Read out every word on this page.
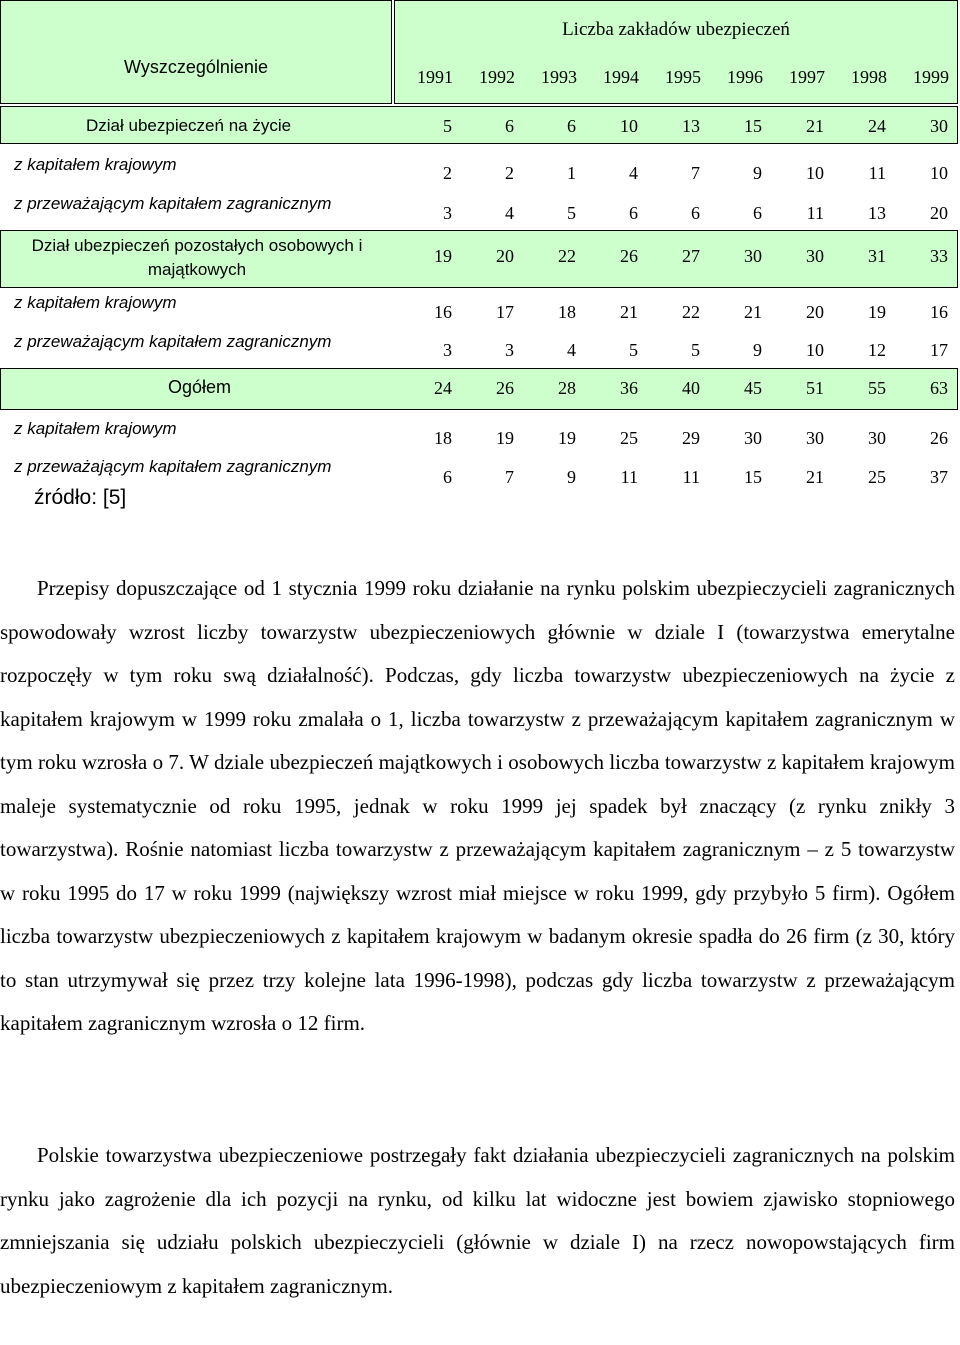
Wyszczególnienie
Liczba zakładów ubezpieczeń
1991	1992	1993	1994	1995	1996	1997	1998	1999
Dział ubezpieczeń na życie	5	6	6	10	13	15	21	24	30
z kapitałem krajowym	2	2	1	4	7	9	10	11	10
z przeważającym kapitałem zagranicznym	3	4	5	6	6	6	11	13	20
Dział ubezpieczeń pozostałych osobowych i
majątkowych
19	20	22	26	27	30	30	31	33
z kapitałem krajowym	16	17	18	21	22	21	20	19	16
z przeważającym kapitałem zagranicznym	3	3	4	5	5	9	10	12	17
Ogółem	24	26	28	36	40	45	51	55	63
z kapitałem krajowym	18	19	19	25	29	30	30	30	26
z przeważającym kapitałem zagranicznym
6	7	9	11	11	15	21	25	37
źródło: [5]
Przepisy dopuszczające od 1 stycznia 1999 roku działanie na rynku polskim ubezpieczycieli zagranicznych spowodowały wzrost liczby towarzystw ubezpieczeniowych głównie w dziale I (towarzystwa emerytalne rozpoczęły w tym roku swą działalność). Podczas, gdy liczba towarzystw ubezpieczeniowych na życie z kapitałem krajowym w 1999 roku zmalała o 1, liczba towarzystw z przeważającym kapitałem zagranicznym w tym roku wzrosła o 7. W dziale ubezpieczeń majątkowych i osobowych liczba towarzystw z kapitałem krajowym maleje systematycznie od roku 1995, jednak w roku 1999 jej spadek był znaczący (z rynku znikły 3 towarzystwa). Rośnie natomiast liczba towarzystw z przeważającym kapitałem zagranicznym – z 5 towarzystw w roku 1995 do 17 w roku 1999 (największy wzrost miał miejsce w roku 1999, gdy przybyło 5 firm). Ogółem liczba towarzystw ubezpieczeniowych z kapitałem krajowym w badanym okresie spadła do 26 firm (z 30, który to stan utrzymywał się przez trzy kolejne lata 1996-1998), podczas gdy liczba towarzystw z przeważającym kapitałem zagranicznym wzrosła o 12 firm.
Polskie towarzystwa ubezpieczeniowe postrzegały fakt działania ubezpieczycieli zagranicznych na polskim rynku jako zagrożenie dla ich pozycji na rynku, od kilku lat widoczne jest bowiem zjawisko stopniowego zmniejszania się udziału polskich ubezpieczycieli (głównie w dziale I) na rzecz nowopowstających firm ubezpieczeniowym z kapitałem zagranicznym.
